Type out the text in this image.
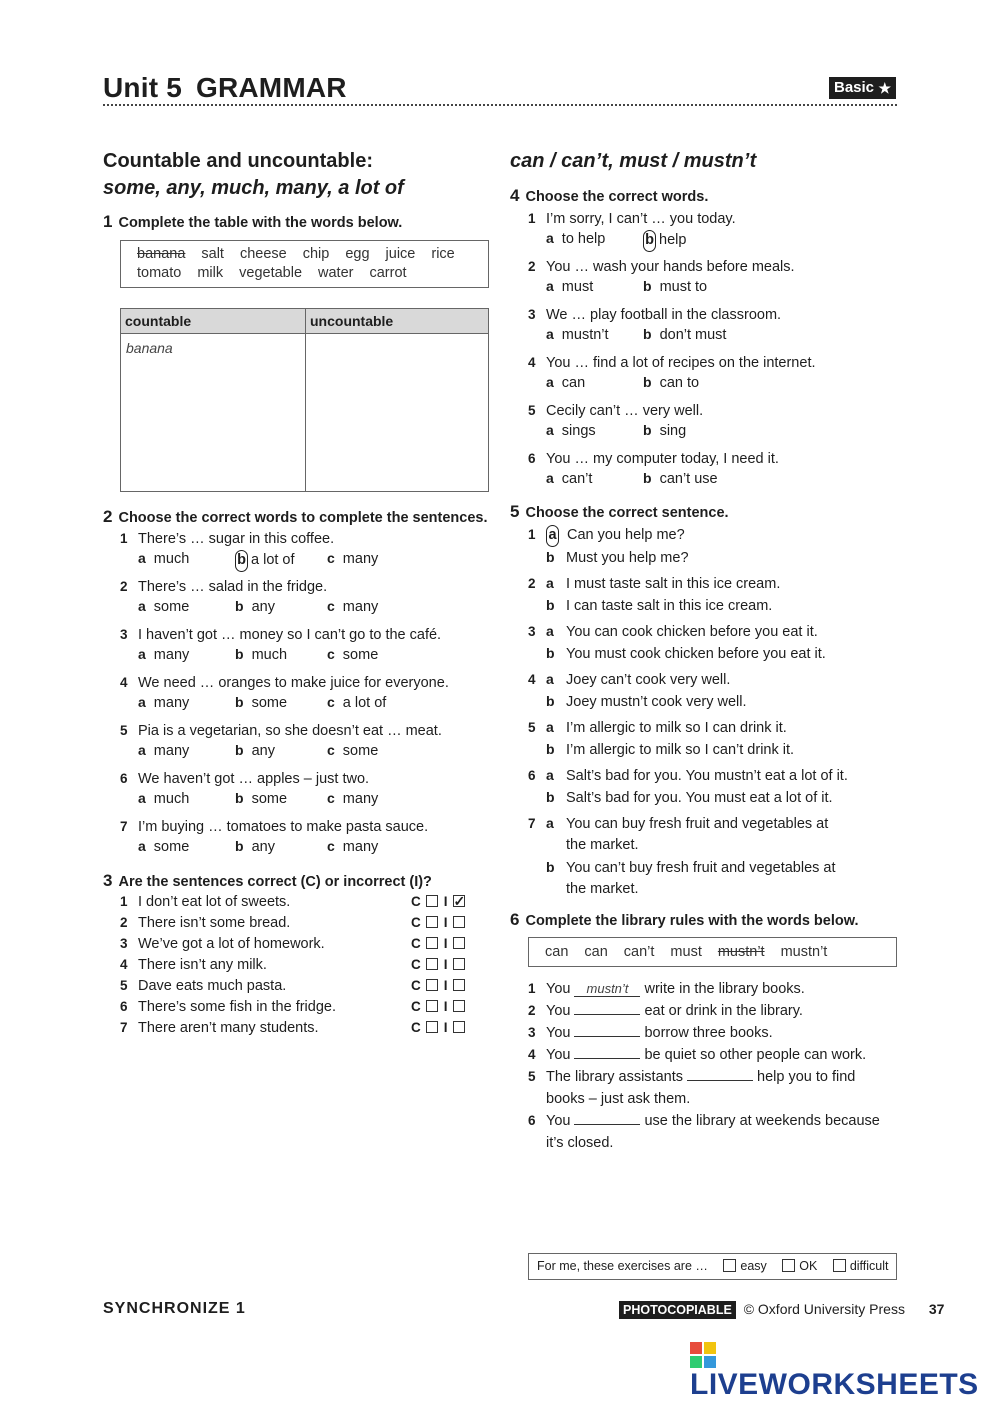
Unit 5 GRAMMAR	Basic ★
Countable and uncountable:
some, any, much, many, a lot of
1 Complete the table with the words below.
banana salt cheese chip egg juice rice
tomato milk vegetable water carrot
countable	uncountable
banana	
2 Choose the correct words to complete the sentences.
1 There’s … sugar in this coffee.
a much	b a lot of c many
2 There’s … salad in the fridge.
a some	b any	c many
3 I haven’t got … money so I can’t go to the café.
a many	b much	c some
4 We need … oranges to make juice for everyone.
a many	b some	c a lot of
5 Pia is a vegetarian, so she doesn’t eat … meat.
a many	b any	c some
6 We haven’t got … apples – just two.
a much	b some	c many
7 I’m buying … tomatoes to make pasta sauce.
a some	b any	c many
3 Are the sentences correct (C) or incorrect (I)?
1 I don’t eat lot of sweets.	C I ✓
2 There isn’t some bread.	C I
3 We’ve got a lot of homework.	C I
4 There isn’t any milk.	C I
5 Dave eats much pasta.	C I
6 There’s some fish in the fridge.	C I
7 There aren’t many students.	C I
can / can’t, must / mustn’t
4 Choose the correct words.
1 I’m sorry, I can’t … you today.
a to help	b help
2 You … wash your hands before meals.
a must	b must to
3 We … play football in the classroom.
a mustn’t b don’t must
4 You … find a lot of recipes on the internet.
a can	b can to
5 Cecily can’t … very well.
a sings	b sing
6 You … my computer today, I need it.
a can’t	b can’t use
5 Choose the correct sentence.
1 a Can you help me?
b Must you help me?
2 a I must taste salt in this ice cream.
b I can taste salt in this ice cream.
3 a You can cook chicken before you eat it.
b You must cook chicken before you eat it.
4 a Joey can’t cook very well.
b Joey mustn’t cook very well.
5 a I’m allergic to milk so I can drink it.
b I’m allergic to milk so I can’t drink it.
6 a Salt’s bad for you. You mustn’t eat a lot of it.
b Salt’s bad for you. You must eat a lot of it.
7 a You can buy fresh fruit and vegetables at
the market.
b You can’t buy fresh fruit and vegetables at
the market.
6 Complete the library rules with the words below.
can can can’t must mustn’t mustn’t
1 You mustn’t write in the library books.
2 You	eat or drink in the library.
3 You	borrow three books.
4 You	be quiet so other people can work.
5 The library assistants	help you to find
books – just ask them.
6 You	use the library at weekends because
it’s closed.
For me, these exercises are …	easy	OK	difficult
SYNCHRONIZE 1	PHOTOCOPIABLE © Oxford University Press 37
LIVEWORKSHEETS
